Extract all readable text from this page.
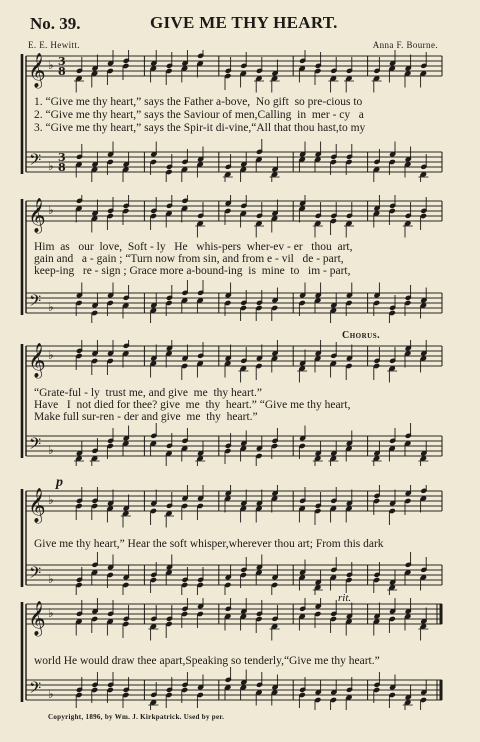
No. 39.	GIVE ME THY HEART.
E. E. Hewitt.	Anna F. Bourne.
𝄞
𝄢
♭
♭
3
8
3
8
1. “Give me thy heart,” says the Father a-bove,  No gift  so pre-cious to
2. “Give me thy heart,” says the Saviour of men,Calling  in  mer - cy   a
3. “Give me thy heart,” says the Spir-it di-vine,“All that thou hast,to my
𝄞
𝄢
♭
♭
Him  as   our  love,  Soft - ly   He   whis-pers  wher-ev - er   thou  art,
gain and   a - gain ; “Turn now from sin, and from e - vil   de - part,
keep-ing   re - sign ; Grace more a-bound-ing  is  mine  to   im - part,
Chorus.
𝄞
𝄢
♭
♭
“Grate-ful - ly  trust me, and give  me  thy heart.”
Have   I  not died for thee? give  me  thy  heart.” “Give me thy heart,
Make full sur-ren - der and give  me  thy  heart.”
p
𝄞
𝄢
♭
♭
Give me thy heart,” Hear the soft whisper,wherever thou art; From this dark
rit.
𝄞
𝄢
♭
♭
world He would draw thee apart,Speaking so tenderly,“Give me thy heart.”
Copyright, 1896, by Wm. J. Kirkpatrick. Used by per.
